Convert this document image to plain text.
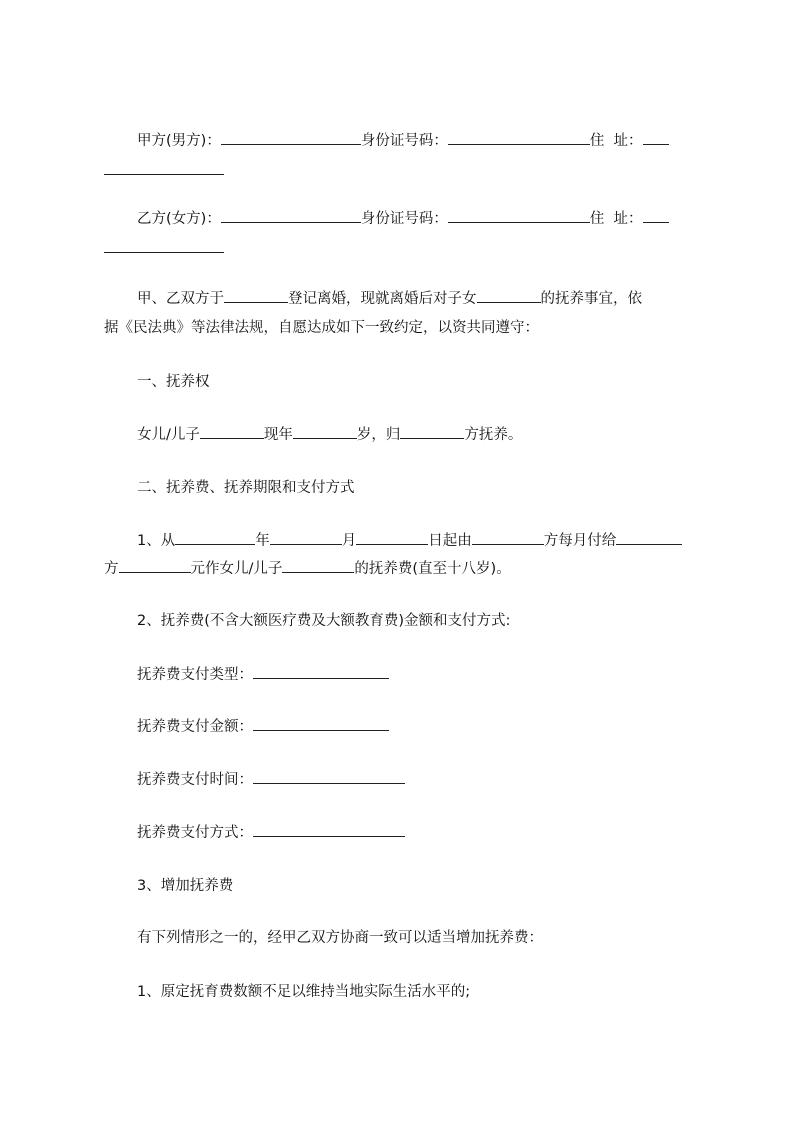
甲方(男方)：	身份证号码：	住  址：
乙方(女方)：	身份证号码：	住  址：
甲、乙双方于	登记离婚，现就离婚后对子女	的抚养事宜，依
据《民法典》等法律法规，自愿达成如下一致约定，以资共同遵守：
一、抚养权
女儿/儿子	现年	岁，归	方抚养。
二、抚养费、抚养期限和支付方式
1、从	年	月	日起由	方每月付给
方	元作女儿/儿子	的抚养费(直至十八岁)。
2、抚养费(不含大额医疗费及大额教育费)金额和支付方式:
抚养费支付类型：
抚养费支付金额：
抚养费支付时间：
抚养费支付方式：
3、增加抚养费
有下列情形之一的，经甲乙双方协商一致可以适当增加抚养费：
1、原定抚育费数额不足以维持当地实际生活水平的;
